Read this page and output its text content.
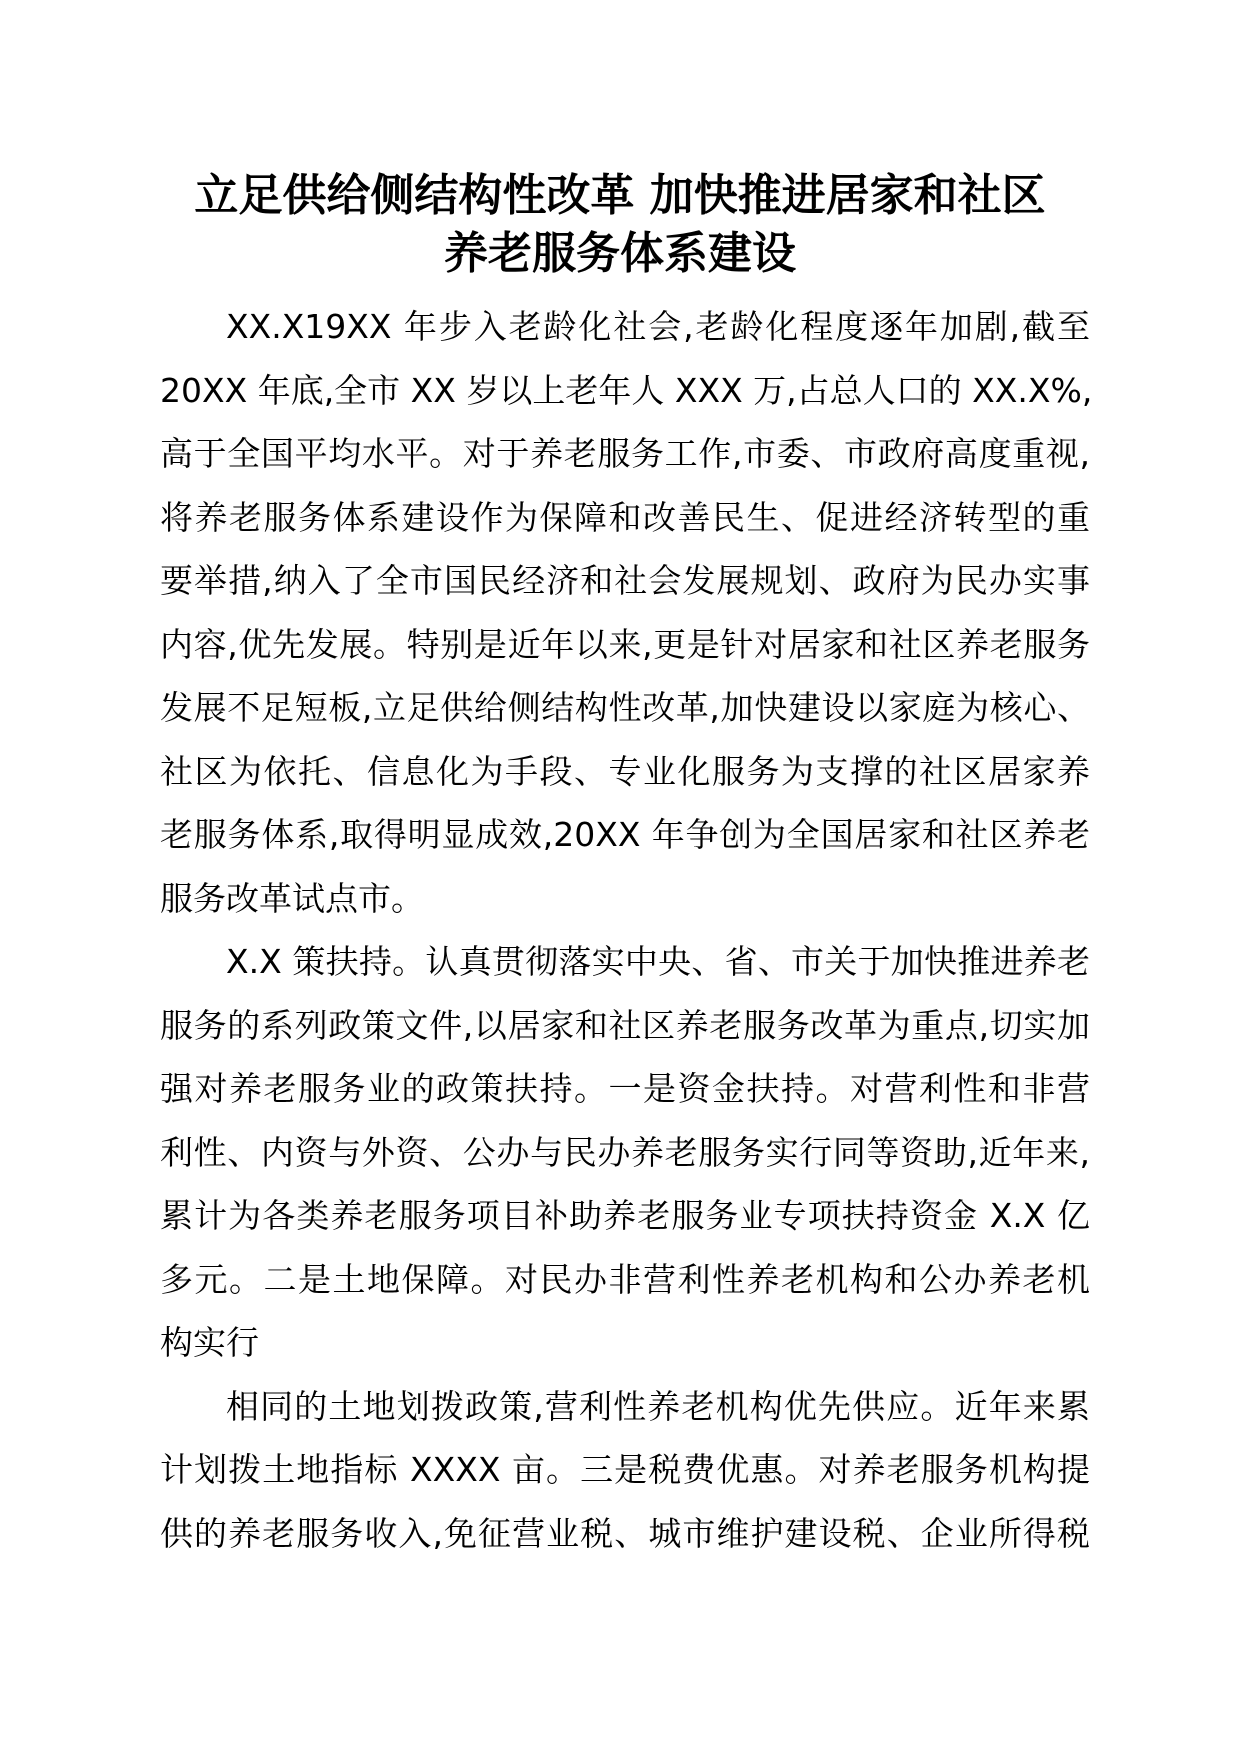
立足供给侧结构性改革 加快推进居家和社区
养老服务体系建设

XX.X19XX 年步入老龄化社会,老龄化程度逐年加剧,截至
20XX 年底,全市 XX 岁以上老年人 XXX 万,占总人口的 XX.X%,
高于全国平均水平。对于养老服务工作,市委、市政府高度重视,
将养老服务体系建设作为保障和改善民生、促进经济转型的重
要举措,纳入了全市国民经济和社会发展规划、政府为民办实事
内容,优先发展。特别是近年以来,更是针对居家和社区养老服务
发展不足短板,立足供给侧结构性改革,加快建设以家庭为核心、
社区为依托、信息化为手段、专业化服务为支撑的社区居家养
老服务体系,取得明显成效,20XX 年争创为全国居家和社区养老
服务改革试点市。

X.X 策扶持。认真贯彻落实中央、省、市关于加快推进养老
服务的系列政策文件,以居家和社区养老服务改革为重点,切实加
强对养老服务业的政策扶持。一是资金扶持。对营利性和非营
利性、内资与外资、公办与民办养老服务实行同等资助,近年来,
累计为各类养老服务项目补助养老服务业专项扶持资金 X.X 亿
多元。二是土地保障。对民办非营利性养老机构和公办养老机
构实行

相同的土地划拨政策,营利性养老机构优先供应。近年来累
计划拨土地指标 XXXX 亩。三是税费优惠。对养老服务机构提
供的养老服务收入,免征营业税、城市维护建设税、企业所得税
